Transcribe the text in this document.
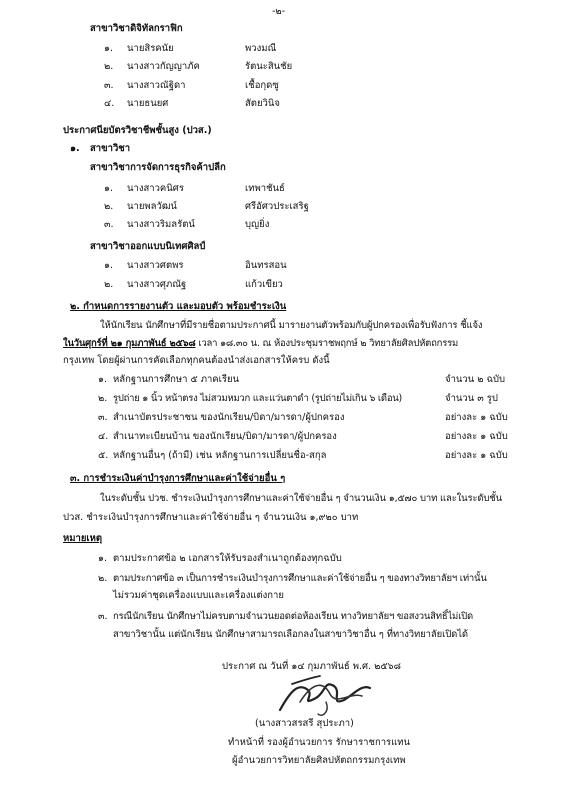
-๒-
สาขาวิชาดิจิทัลกราฟิก
๑. นายสิรคนัย	พวงมณี
๒. นางสาวกัญญาภัค	รัตนะสินชัย
๓. นางสาวณัฐิดา	เชื้อกุดซู
๔. นายธนยศ	สัตยวินิจ
ประกาศนียบัตรวิชาชีพชั้นสูง (ปวส.)
๑. สาขาวิชา
สาขาวิชาการจัดการธุรกิจค้าปลีก
๑. นางสาวคนิศร	เทพาชันธ์
๒. นายพลวัฒน์	ศรีอัศวประเสริฐ
๓. นางสาวริมลรัตน์	บุญยิ่ง
สาขาวิชาออกแบบนิเทศศิลป์
๑. นางสาวศตพร	อินทรสอน
๒. นางสาวศุภณัฐ	แก้วเขียว
๒. กำหนดการรายงานตัว และมอบตัว พร้อมชำระเงิน
ให้นักเรียน นักศึกษาที่มีรายชื่อตามประกาศนี้ มารายงานตัวพร้อมกับผู้ปกครองเพื่อรับฟังการ ชี้แจ้ง
ในวันศุกร์ที่ ๒๑ กุมภาพันธ์ ๒๕๖๘ เวลา ๑๘.๓๐ น. ณ ห้องประชุมราชพฤกษ์ ๒ วิทยาลัยศิลปหัตถกรรม
กรุงเทพ โดยผู้ผ่านการคัดเลือกทุกคนต้องนำส่งเอกสารให้ครบ ดังนี้
๑. หลักฐานการศึกษา ๕ ภาคเรียน	จำนวน ๒ ฉบับ
๒. รูปถ่าย ๑ นิ้ว หน้าตรง ไม่สวมหมวก และแว่นตาดำ (รูปถ่ายไม่เกิน ๖ เดือน)	จำนวน ๓ รูป
๓. สำเนาบัตรประชาชน ของนักเรียน/บิดา/มารดา/ผู้ปกครอง	อย่างละ ๑ ฉบับ
๔. สำเนาทะเบียนบ้าน ของนักเรียน/บิดา/มารดา/ผู้ปกครอง	อย่างละ ๑ ฉบับ
๕. หลักฐานอื่นๆ (ถ้ามี) เช่น หลักฐานการเปลี่ยนชื่อ-สกุล	อย่างละ ๑ ฉบับ
๓. การชำระเงินค่าบำรุงการศึกษาและค่าใช้จ่ายอื่น ๆ
ในระดับชั้น ปวช. ชำระเงินบำรุงการศึกษาและค่าใช้จ่ายอื่น ๆ จำนวนเงิน ๑,๕๗๐ บาท และในระดับชั้น
ปวส. ชำระเงินบำรุงการศึกษาและค่าใช้จ่ายอื่น ๆ จำนวนเงิน ๑,๙๒๐ บาท
หมายเหตุ
๑. ตามประกาศข้อ ๒ เอกสารให้รับรองสำเนาถูกต้องทุกฉบับ
๒. ตามประกาศข้อ ๓ เป็นการชำระเงินบำรุงการศึกษาและค่าใช้จ่ายอื่น ๆ ของทางวิทยาลัยฯ เท่านั้น
ไม่รวมค่าชุดเครื่องแบบและเครื่องแต่งกาย
๓. กรณีนักเรียน นักศึกษาไม่ครบตามจำนวนยอดต่อห้องเรียน ทางวิทยาลัยฯ ขอสงวนสิทธิ์ไม่เปิด
สาขาวิชานั้น แต่นักเรียน นักศึกษาสามารถเลือกลงในสาขาวิชาอื่น ๆ ที่ทางวิทยาลัยเปิดได้
ประกาศ ณ วันที่ ๑๔ กุมภาพันธ์ พ.ศ. ๒๕๖๘
(นางสาวสรสรี สุประภา)
ทำหน้าที่ รองผู้อำนวยการ รักษาราชการแทน
ผู้อำนวยการวิทยาลัยศิลปหัตถกรรมกรุงเทพ
